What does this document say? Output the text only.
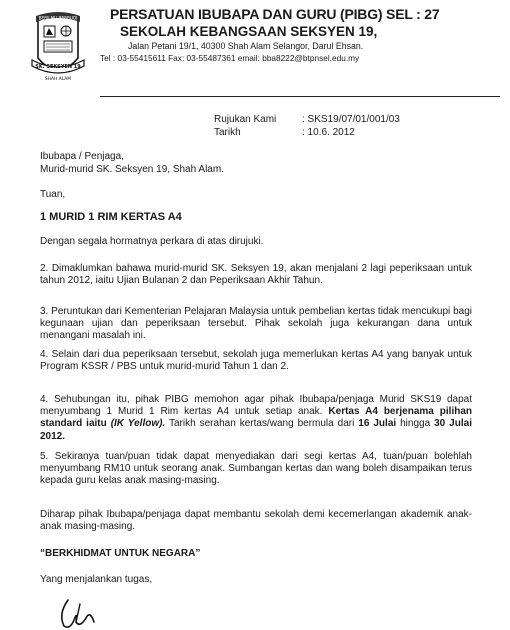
BERILMU BERBUDI
SK. SEKSYEN 19
SHAH ALAM
PERSATUAN IBUBAPA DAN GURU (PIBG) SEL : 27
SEKOLAH KEBANGSAAN SEKSYEN 19,
Jalan Petani 19/1, 40300 Shah Alam Selangor, Darul Ehsan.
Tel : 03-55415611 Fax: 03-55487361 email: bba8222@btpnsel.edu.my
Rujukan Kami	: SKS19/07/01/001/03
Tarikh	: 10.6. 2012
Ibubapa / Penjaga,
Murid-murid SK. Seksyen 19, Shah Alam.
Tuan,
1 MURID 1 RIM KERTAS A4
Dengan segala hormatnya perkara di atas dirujuki.
2. Dimaklumkan bahawa murid-murid SK. Seksyen 19, akan menjalani 2 lagi peperiksaan untuk tahun 2012, iaitu Ujian Bulanan 2 dan Peperiksaan Akhir Tahun.
3. Peruntukan dari Kementerian Pelajaran Malaysia untuk pembelian kertas tidak mencukupi bagi kegunaan ujian dan peperiksaan tersebut. Pihak sekolah juga kekurangan dana untuk menangani masalah ini.
4. Selain dari dua peperiksaan tersebut, sekolah juga memerlukan kertas A4 yang banyak untuk Program KSSR / PBS untuk murid-murid Tahun 1 dan 2.
4. Sehubungan itu, pihak PIBG memohon agar pihak Ibubapa/penjaga Murid SKS19 dapat menyumbang 1 Murid 1 Rim kertas A4 untuk setiap anak. Kertas A4 berjenama pilihan standard iaitu (IK Yellow). Tarikh serahan kertas/wang bermula dari 16 Julai hingga 30 Julai 2012.
5. Sekiranya tuan/puan tidak dapat menyediakan dari segi kertas A4, tuan/puan bolehlah menyumbang RM10 untuk seorang anak. Sumbangan kertas dan wang boleh disampaikan terus kepada guru kelas anak masing-masing.
Diharap pihak Ibubapa/penjaga dapat membantu sekolah demi kecemerlangan akademik anak-anak masing-masing.
“BERKHIDMAT UNTUK NEGARA”
Yang menjalankan tugas,
